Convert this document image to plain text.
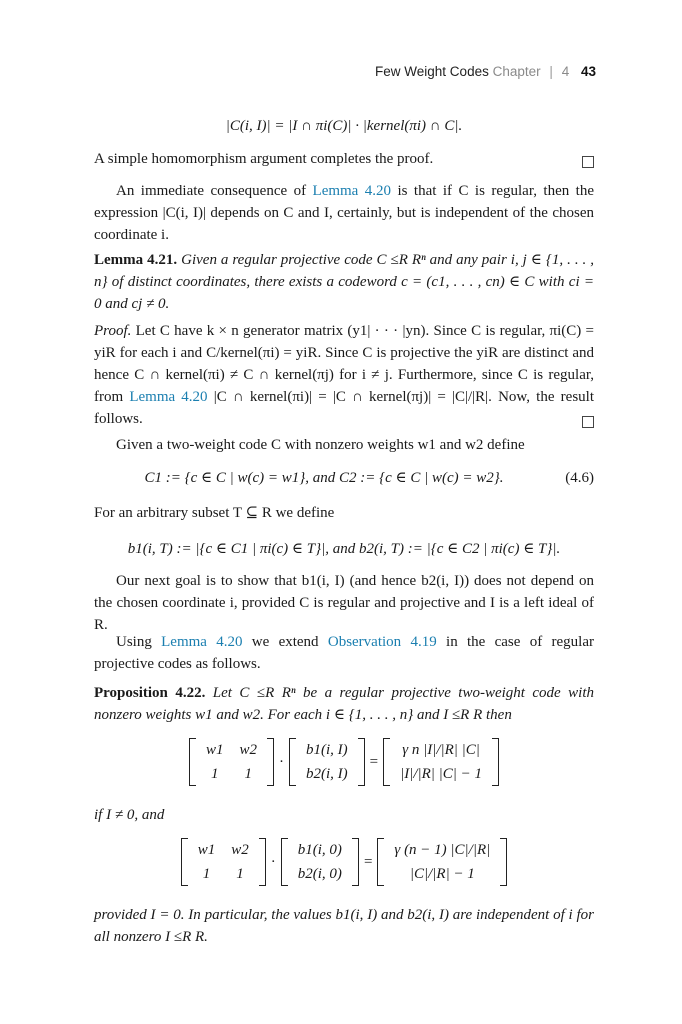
Few Weight Codes Chapter | 4 43
|C(i, I)| = |I ∩ πi(C)| · |kernel(πi) ∩ C|.
A simple homomorphism argument completes the proof.
An immediate consequence of Lemma 4.20 is that if C is regular, then the expression |C(i, I)| depends on C and I, certainly, but is independent of the chosen coordinate i.
Lemma 4.21. Given a regular projective code C ≤R Rⁿ and any pair i, j ∈ {1, . . . , n} of distinct coordinates, there exists a codeword c = (c1, . . . , cn) ∈ C with ci = 0 and cj ≠ 0.
Proof. Let C have k × n generator matrix (y1| · · · |yn). Since C is regular, πi(C) = yiR for each i and C/kernel(πi) = yiR. Since C is projective the yiR are distinct and hence C ∩ kernel(πi) ≠ C ∩ kernel(πj) for i ≠ j. Furthermore, since C is regular, from Lemma 4.20 |C ∩ kernel(πi)| = |C ∩ kernel(πj)| = |C|/|R|. Now, the result follows.
Given a two-weight code C with nonzero weights w1 and w2 define
C1 := {c ∈ C | w(c) = w1}, and C2 := {c ∈ C | w(c) = w2}.	(4.6)
For an arbitrary subset T ⊆ R we define
b1(i, T) := |{c ∈ C1 | πi(c) ∈ T}|, and b2(i, T) := |{c ∈ C2 | πi(c) ∈ T}|.
Our next goal is to show that b1(i, I) (and hence b2(i, I)) does not depend on the chosen coordinate i, provided C is regular and projective and I is a left ideal of R.
Using Lemma 4.20 we extend Observation 4.19 in the case of regular projective codes as follows.
Proposition 4.22. Let C ≤R Rⁿ be a regular projective two-weight code with nonzero weights w1 and w2. For each i ∈ {1, . . . , n} and I ≤R R then
w1	w2
1	1
·
b1(i, I)
b2(i, I)
=
γ n |I|/|R| |C|
|I|/|R| |C| − 1
if I ≠ 0, and
w1	w2
1	1
·
b1(i, 0)
b2(i, 0)
=
γ (n − 1) |C|/|R|
|C|/|R| − 1
provided I = 0. In particular, the values b1(i, I) and b2(i, I) are independent of i for all nonzero I ≤R R.
